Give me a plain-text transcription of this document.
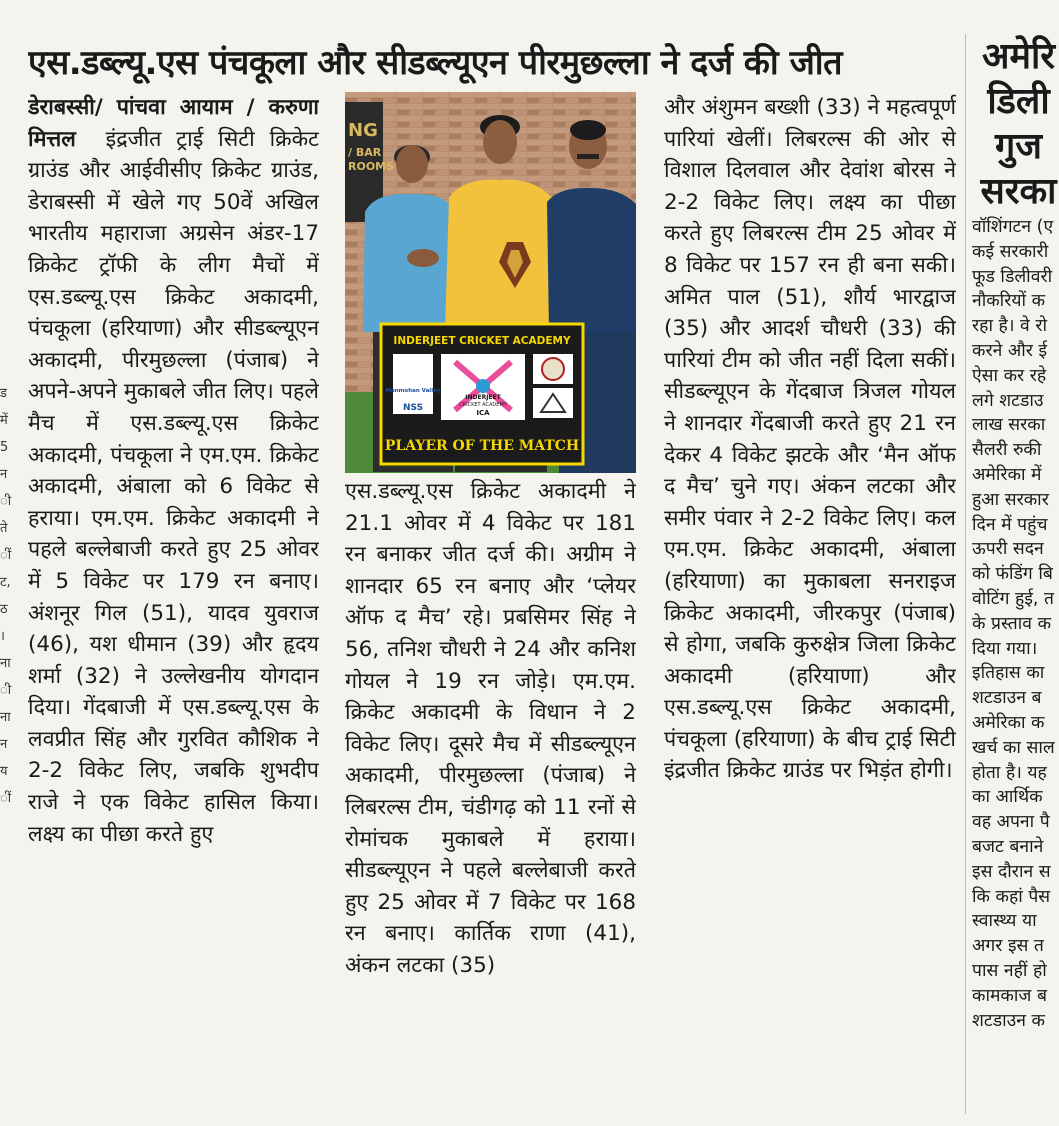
एस.डब्ल्यू.एस पंचकूला और सीडब्ल्यूएन पीरमुछल्ला ने दर्ज की जीत
ड
में
5
न
ी
ते
ीं
ट,
ठ
।
ना
ी
ना
न
य
ीं

डेराबस्सी/ पांचवा आयाम / करुणा मित्तल इंद्रजीत ट्राई सिटी क्रिकेट ग्राउंड और आईवीसीए क्रिकेट ग्राउंड, डेराबस्सी में खेले गए 50वें अखिल भारतीय महाराजा अग्रसेन अंडर-17 क्रिकेट ट्रॉफी के लीग मैचों में एस.डब्ल्यू.एस क्रिकेट अकादमी, पंचकूला (हरियाणा) और सीडब्ल्यूएन अकादमी, पीरमुछल्ला (पंजाब) ने अपने-अपने मुकाबले जीत लिए। पहले मैच में एस.डब्ल्यू.एस क्रिकेट अकादमी, पंचकूला ने एम.एम. क्रिकेट अकादमी, अंबाला को 6 विकेट से हराया। एम.एम. क्रिकेट अकादमी ने पहले बल्लेबाजी करते हुए 25 ओवर में 5 विकेट पर 179 रन बनाए। अंशनूर गिल (51), यादव युवराज (46), यश धीमान (39) और हृदय शर्मा (32) ने उल्लेखनीय योगदान दिया। गेंदबाजी में एस.डब्ल्यू.एस के लवप्रीत सिंह और गुरवित कौशिक ने 2-2 विकेट लिए, जबकि शुभदीप राजे ने एक विकेट हासिल किया। लक्ष्य का पीछा करते हुए

NG / BAR ROOMS
INDERJEET CRICKET ACADEMY
Manmohan Valley
NSS
INDERJEET
CRICKET ACADEMY
ICA
PLAYER OF THE MATCH

एस.डब्ल्यू.एस क्रिकेट अकादमी ने 21.1 ओवर में 4 विकेट पर 181 रन बनाकर जीत दर्ज की। अग्रीम ने शानदार 65 रन बनाए और ‘प्लेयर ऑफ द मैच’ रहे। प्रबसिमर सिंह ने 56, तनिश चौधरी ने 24 और कनिश गोयल ने 19 रन जोड़े। एम.एम. क्रिकेट अकादमी के विधान ने 2 विकेट लिए। दूसरे मैच में सीडब्ल्यूएन अकादमी, पीरमुछल्ला (पंजाब) ने लिबरल्स टीम, चंडीगढ़ को 11 रनों से रोमांचक मुकाबले में हराया। सीडब्ल्यूएन ने पहले बल्लेबाजी करते हुए 25 ओवर में 7 विकेट पर 168 रन बनाए। कार्तिक राणा (41), अंकन लटका (35)

और अंशुमन बख्शी (33) ने महत्वपूर्ण पारियां खेलीं। लिबरल्स की ओर से विशाल दिलवाल और देवांश बोरस ने 2-2 विकेट लिए। लक्ष्य का पीछा करते हुए लिबरल्स टीम 25 ओवर में 8 विकेट पर 157 रन ही बना सकी। अमित पाल (51), शौर्य भारद्वाज (35) और आदर्श चौधरी (33) की पारियां टीम को जीत नहीं दिला सकीं। सीडब्ल्यूएन के गेंदबाज त्रिजल गोयल ने शानदार गेंदबाजी करते हुए 21 रन देकर 4 विकेट झटके और ‘मैन ऑफ द मैच’ चुने गए। अंकन लटका और समीर पंवार ने 2-2 विकेट लिए। कल एम.एम. क्रिकेट अकादमी, अंबाला (हरियाणा) का मुकाबला सनराइज क्रिकेट अकादमी, जीरकपुर (पंजाब) से होगा, जबकि कुरुक्षेत्र जिला क्रिकेट अकादमी (हरियाणा) और एस.डब्ल्यू.एस क्रिकेट अकादमी, पंचकूला (हरियाणा) के बीच ट्राई सिटी इंद्रजीत क्रिकेट ग्राउंड पर भिड़ंत होगी।

अमेरि
डिली
गुज
सरका
वॉशिंगटन (ए
कई सरकारी
फूड डिलीवरी
नौकरियों क
रहा है। वे रो
करने और ई
ऐसा कर रहे
लगे शटडाउ
लाख सरका
सैलरी रुकी
अमेरिका में
हुआ सरकार
दिन में पहुंच
ऊपरी सदन
को फंडिंग बि
वोटिंग हुई, त
के प्रस्ताव क
दिया गया।
इतिहास का
शटडाउन ब
अमेरिका क
खर्च का साल
होता है। यह
का आर्थिक
वह अपना पै
बजट बनाने
इस दौरान स
कि कहां पैस
स्वास्थ्य या
अगर इस त
पास नहीं हो
कामकाज ब
शटडाउन क
